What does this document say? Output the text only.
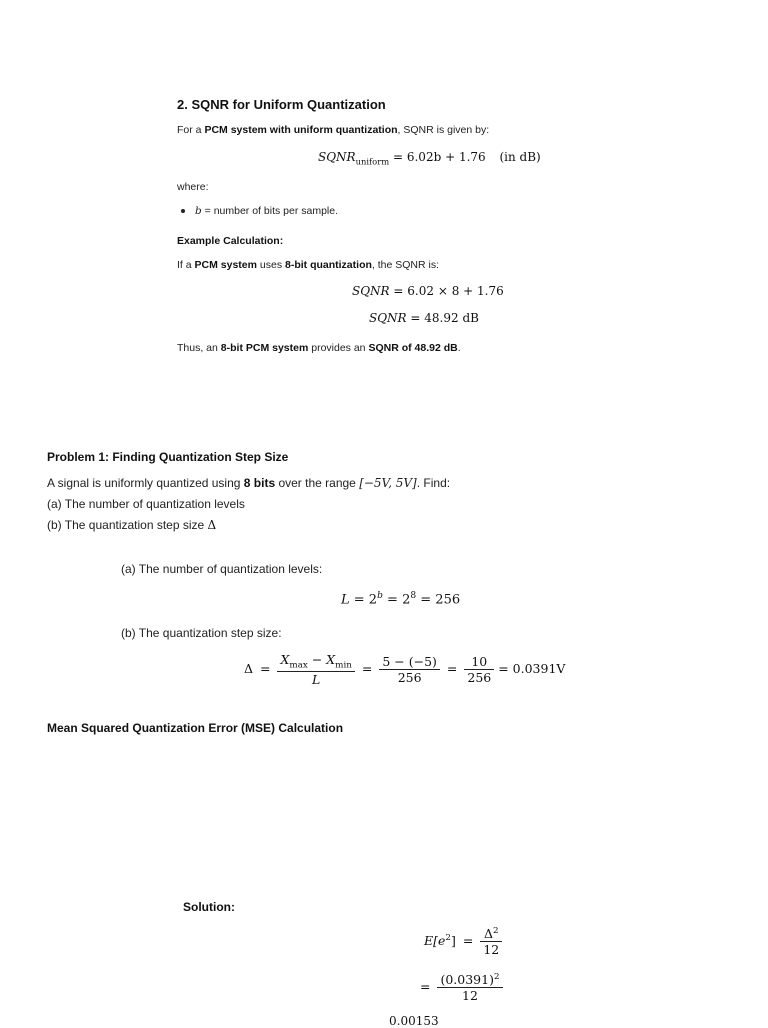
2. SQNR for Uniform Quantization
For a PCM system with uniform quantization, SQNR is given by:
$SQNR_{uniform} = 6.02b + 1.76$ (in dB)
where:
b = number of bits per sample.
Example Calculation:
If a PCM system uses 8-bit quantization, the SQNR is:
SQNR = 6.02 × 8 + 1.76
SQNR = 48.92 dB
Thus, an 8-bit PCM system provides an SQNR of 48.92 dB.
Problem 1: Finding Quantization Step Size
A signal is uniformly quantized using 8 bits over the range [−5V, 5V]. Find:
(a) The number of quantization levels
(b) The quantization step size Δ
(a) The number of quantization levels:
$L = 2^b = 2^8 = 256$
(b) The quantization step size:
$\Delta = \frac{X_{max} - X_{min}}{L} = \frac{5 - (-5)}{256} = \frac{10}{256} = 0.0391V$
Mean Squared Quantization Error (MSE) Calculation
Solution:
$E[e^2] = \frac{\Delta^2}{12}$
= $\frac{(0.0391)^2}{12}$
0.00153
